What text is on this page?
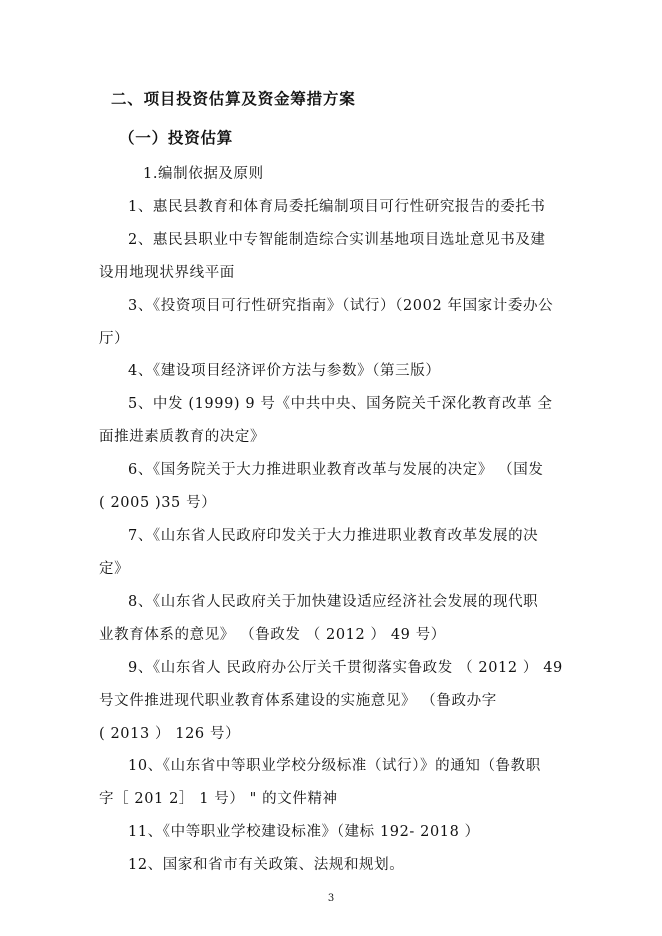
二、项目投资估算及资金筹措方案
（一）投资估算
1.编制依据及原则
1、惠民县教育和体育局委托编制项目可行性研究报告的委托书
2、惠民县职业中专智能制造综合实训基地项目选址意见书及建
设用地现状界线平面
3、《投资项目可行性研究指南》（试行）（2002 年国家计委办公
厅）
4、《建设项目经济评价方法与参数》（第三版）
5、中发 (1999) 9 号《中共中央、国务院关千深化教育改革 全
面推进素质教育的决定》
6、《国务院关于大力推进职业教育改革与发展的决定》 （国发
( 2005 )35 号）
7、《山东省人民政府印发关于大力推进职业教育改革发展的决
定》
8、《山东省人民政府关于加快建设适应经济社会发展的现代职
业教育体系的意见》 （鲁政发 （ 2012 ） 49 号）
9、《山东省人 民政府办公厅关千贯彻落实鲁政发 （ 2012 ） 49
号文件推进现代职业教育体系建设的实施意见》 （鲁政办字
( 2013 ） 126 号）
10、《山东省中等职业学校分级标准（试行）》的通知（鲁教职
字［ 201 2］ 1 号） " 的文件精神
11、《中等职业学校建设标准》（建标 192- 2018 ）
12、国家和省市有关政策、法规和规划。
3
